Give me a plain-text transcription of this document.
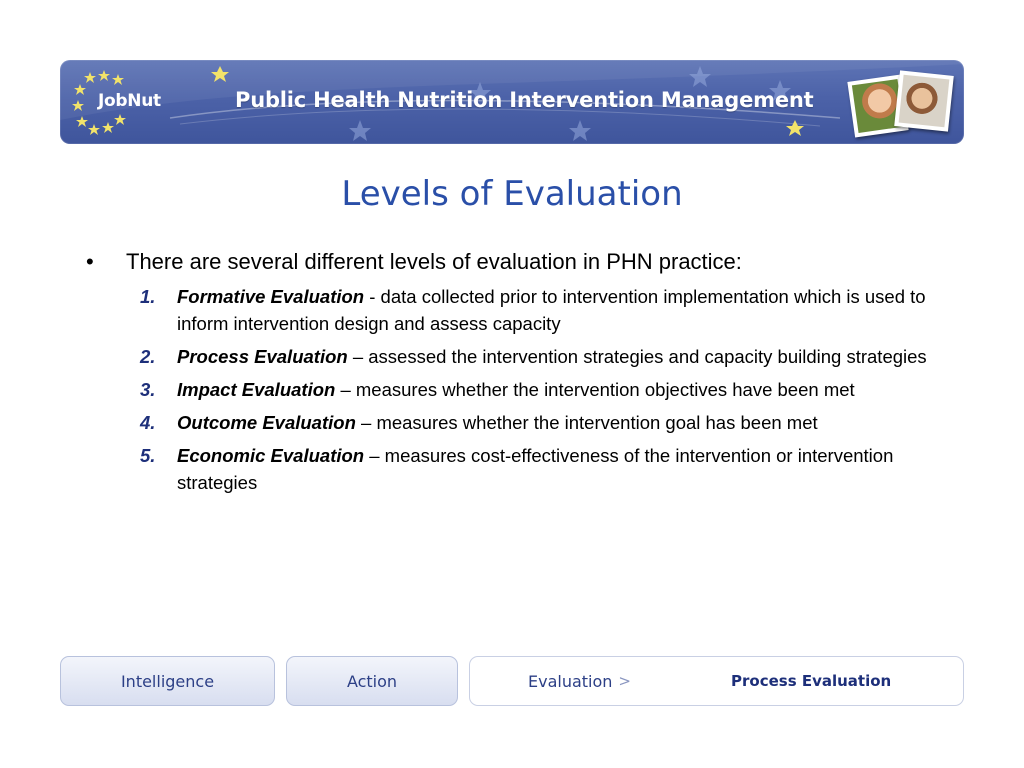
JobNut	Public Health Nutrition Intervention Management
Levels of Evaluation
• There are several different levels of evaluation in PHN practice:
1. Formative Evaluation - data collected prior to intervention implementation which is used to inform intervention design and assess capacity
2. Process Evaluation – assessed the intervention strategies and capacity building strategies
3. Impact Evaluation – measures whether the intervention objectives have been met
4. Outcome Evaluation – measures whether the intervention goal has been met
5. Economic Evaluation – measures cost-effectiveness of the intervention or intervention strategies
Intelligence	Action	Evaluation >	Process Evaluation
